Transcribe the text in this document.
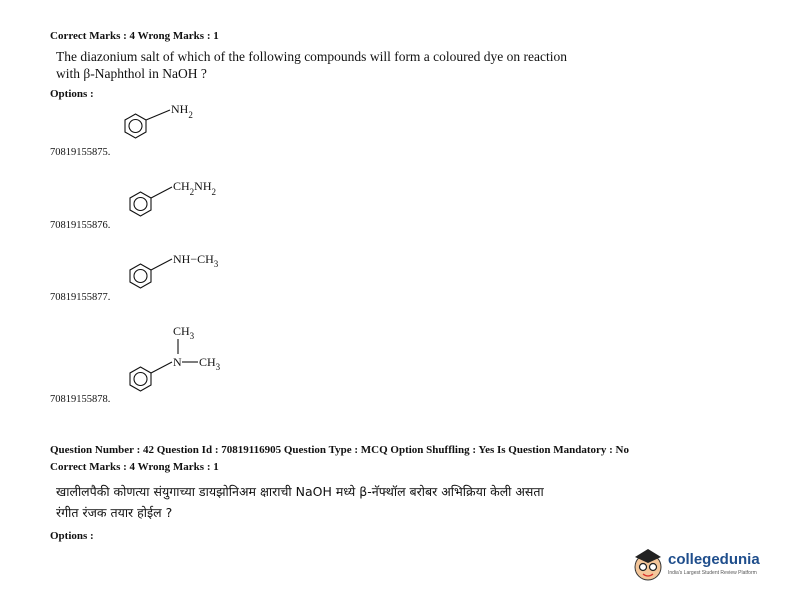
Correct Marks : 4 Wrong Marks : 1
The diazonium salt of which of the following compounds will form a coloured dye on reaction
with β-Naphthol in NaOH ?
Options :
$NH_2$
70819155875.
$CH_2NH_2$
70819155876.
$NH-CH_3$
70819155877.
$CH_3$
N $CH_3$
70819155878.
Question Number : 42 Question Id : 70819116905 Question Type : MCQ Option Shuffling : Yes Is Question Mandatory : No
Correct Marks : 4 Wrong Marks : 1
खालीलपैकी कोणत्या संयुगाच्या डायझोनिअम क्षाराची NaOH मध्ये β-नॅफ्थॉल बरोबर अभिक्रिया केली असता
रंगीत रंजक तयार होईल ?
Options :
collegedunia
India's Largest Student Review Platform
